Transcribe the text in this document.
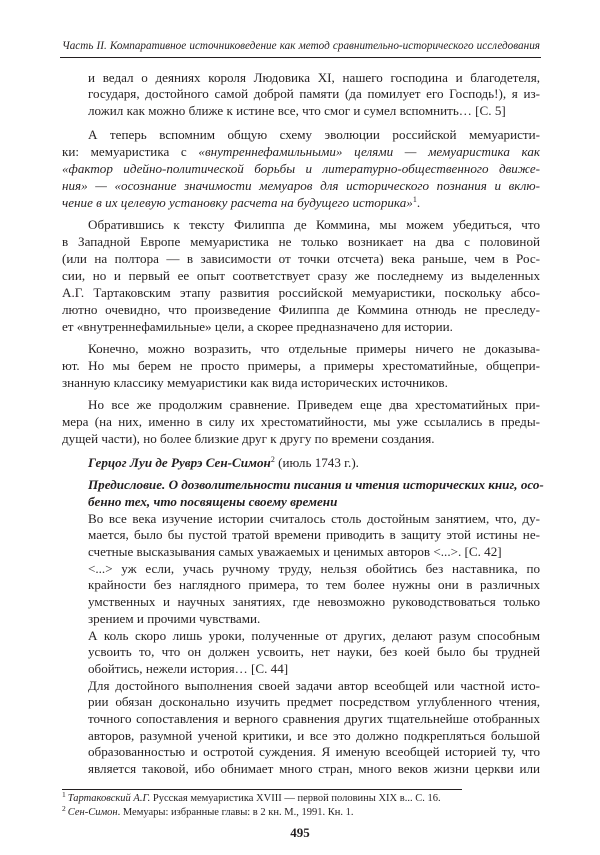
Часть II. Компаративное источниковедение как метод сравнительно-исторического исследования
и ведал о деяниях короля Людовика XI, нашего господина и благодетеля,
государя, достойного самой доброй памяти (да помилует его Господь!), я из-
ложил как можно ближе к истине все, что смог и сумел вспомнить… [С. 5]
А теперь вспомним общую схему эволюции российской мемуаристи-
ки: мемуаристика с «внутреннефамильными» целями — мемуаристика как
«фактор идейно-политической борьбы и литературно-общественного движе-
ния» — «осознание значимости мемуаров для исторического познания и вклю-
чение в их целевую установку расчета на будущего историка»$^1$.
Обратившись к тексту Филиппа де Коммина, мы можем убедиться, что
в Западной Европе мемуаристика не только возникает на два с половиной
(или на полтора — в зависимости от точки отсчета) века раньше, чем в Рос-
сии, но и первый ее опыт соответствует сразу же последнему из выделенных
А.Г. Тартаковским этапу развития российской мемуаристики, поскольку абсо-
лютно очевидно, что произведение Филиппа де Коммина отнюдь не преследу-
ет «внутреннефамильные» цели, а скорее предназначено для истории.
Конечно, можно возразить, что отдельные примеры ничего не доказыва-
ют. Но мы берем не просто примеры, а примеры хрестоматийные, общепри-
знанную классику мемуаристики как вида исторических источников.
Но все же продолжим сравнение. Приведем еще два хрестоматийных при-
мера (на них, именно в силу их хрестоматийности, мы уже ссылались в преды-
дущей части), но более близкие друг к другу по времени создания.
Герцог Луи де Руврэ Сен-Симон$^2$ (июль 1743 г.).
Предисловие. О дозволительности писания и чтения исторических книг, осо-
бенно тех, что посвящены своему времени
Во все века изучение истории считалось столь достойным занятием, что, ду-
мается, было бы пустой тратой времени приводить в защиту этой истины не-
счетные высказывания самых уважаемых и ценимых авторов <...>. [С. 42]
<...> уж если, учась ручному труду, нельзя обойтись без наставника, по
крайности без наглядного примера, то тем более нужны они в различных
умственных и научных занятиях, где невозможно руководствоваться только
зрением и прочими чувствами.
А коль скоро лишь уроки, полученные от других, делают разум способным
усвоить то, что он должен усвоить, нет науки, без коей было бы трудней
обойтись, нежели история… [С. 44]
Для достойного выполнения своей задачи автор всеобщей или частной исто-
рии обязан досконально изучить предмет посредством углубленного чтения,
точного сопоставления и верного сравнения других тщательнейше отобранных
авторов, разумной ученой критики, и все это должно подкрепляться большой
образованностью и остротой суждения. Я именую всеобщей историей ту, что
является таковой, ибо обнимает много стран, много веков жизни церкви или
$^1$ Тартаковский А.Г. Русская мемуаристика XVIII — первой половины XIX в... С. 16.
$^2$ Сен-Симон. Мемуары: избранные главы: в 2 кн. М., 1991. Кн. 1.
495
